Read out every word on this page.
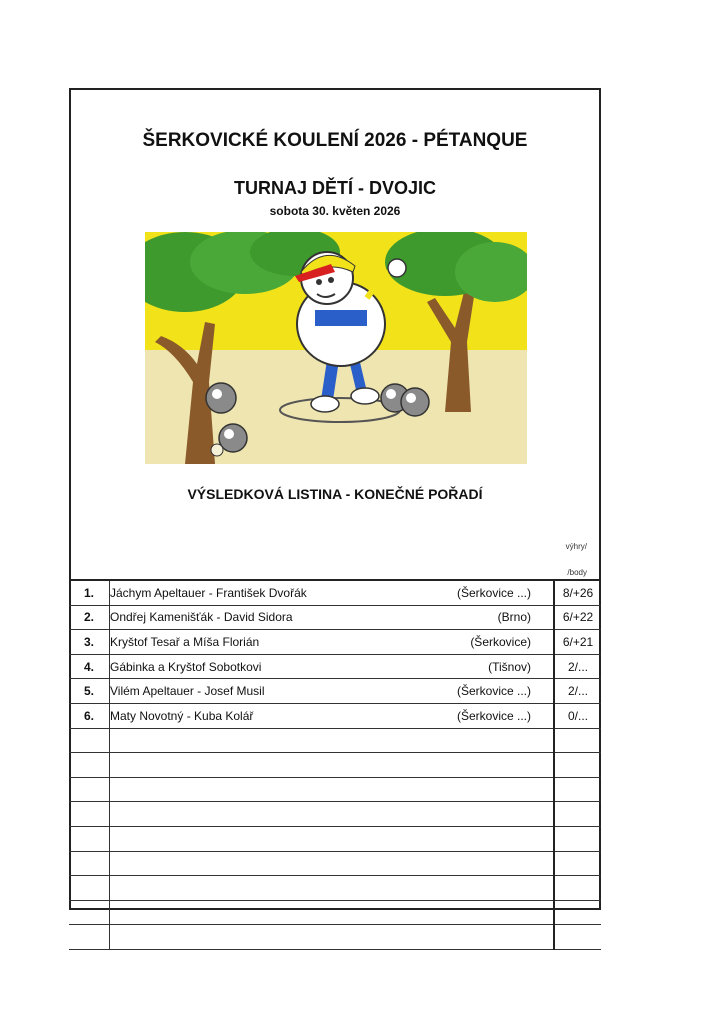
ŠERKOVICKÉ KOULENÍ 2026 - PÉTANQUE
TURNAJ DĚTÍ - DVOJIC
sobota 30. květen 2026
VÝSLEDKOVÁ LISTINA - KONEČNÉ POŘADÍ
výhry/
/body
1.	Jáchym Apeltauer - František Dvořák (Šerkovice ...)	8/+26
2.	Ondřej Kamenišťák - David Sidora (Brno)	6/+22
3.	Kryštof Tesař a Míša Florián (Šerkovice)	6/+21
4.	Gábinka a Kryštof Sobotkovi (Tišnov)	2/...
5.	Vilém Apeltauer - Josef Musil (Šerkovice ...)	2/...
6.	Maty Novotný - Kuba Kolář (Šerkovice ...)	0/...
